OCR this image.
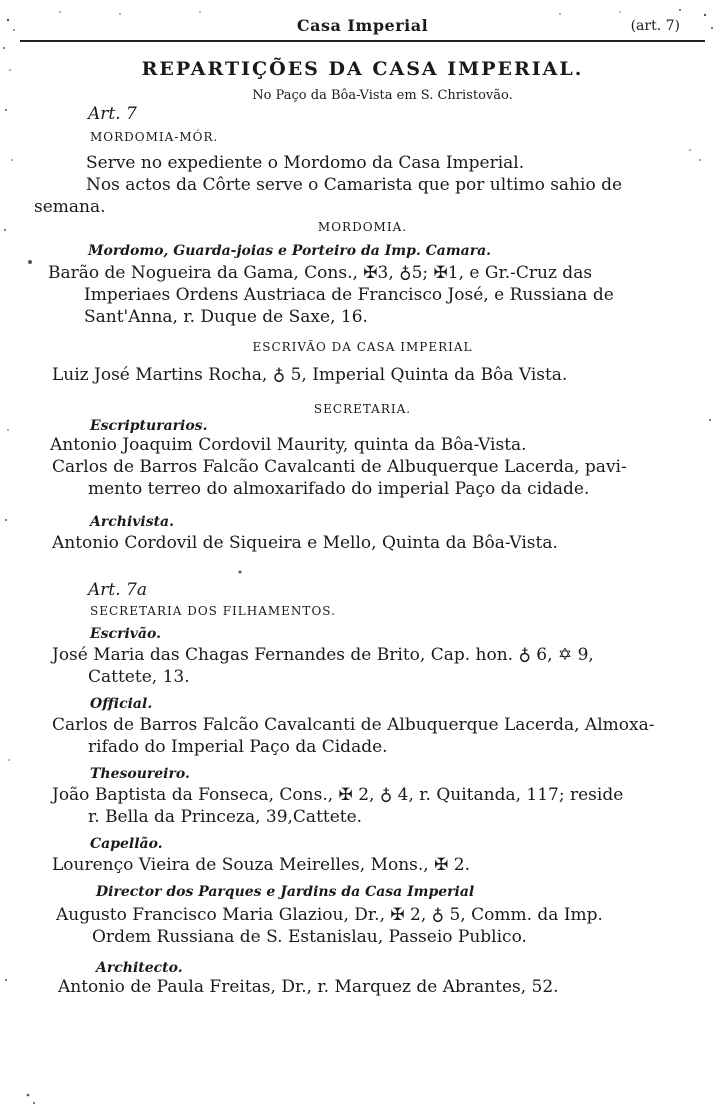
Casa Imperial	(art. 7)
REPARTIÇÕES DA CASA IMPERIAL.
No Paço da Bôa-Vista em S. Christovão.
Art. 7
MORDOMIA-MÓR.
Serve no expediente o Mordomo da Casa Imperial.
Nos actos da Côrte serve o Camarista que por ultimo sahio de
semana.
MORDOMIA.
Mordomo, Guarda-joias e Porteiro da Imp. Camara.
Barão de Nogueira da Gama, Cons., ✠3, ♁5; ✠1, e Gr.-Cruz das
Imperiaes Ordens Austriaca de Francisco José, e Russiana de
Sant'Anna, r. Duque de Saxe, 16.
ESCRIVÃO DA CASA IMPERIAL
Luiz José Martins Rocha, ♁ 5, Imperial Quinta da Bôa Vista.
SECRETARIA.
Escripturarios.
Antonio Joaquim Cordovil Maurity, quinta da Bôa-Vista.
Carlos de Barros Falcão Cavalcanti de Albuquerque Lacerda, pavi-
mento terreo do almoxarifado do imperial Paço da cidade.
Archivista.
Antonio Cordovil de Siqueira e Mello, Quinta da Bôa-Vista.
Art. 7a
SECRETARIA DOS FILHAMENTOS.
Escrivão.
José Maria das Chagas Fernandes de Brito, Cap. hon. ♁ 6, ✡ 9,
Cattete, 13.
Official.
Carlos de Barros Falcão Cavalcanti de Albuquerque Lacerda, Almoxa-
rifado do Imperial Paço da Cidade.
Thesoureiro.
João Baptista da Fonseca, Cons., ✠ 2, ♁ 4, r. Quitanda, 117; reside
r. Bella da Princeza, 39,Cattete.
Capellão.
Lourenço Vieira de Souza Meirelles, Mons., ✠ 2.
Director dos Parques e Jardins da Casa Imperial
Augusto Francisco Maria Glaziou, Dr., ✠ 2, ♁ 5, Comm. da Imp.
Ordem Russiana de S. Estanislau, Passeio Publico.
Architecto.
Antonio de Paula Freitas, Dr., r. Marquez de Abrantes, 52.
